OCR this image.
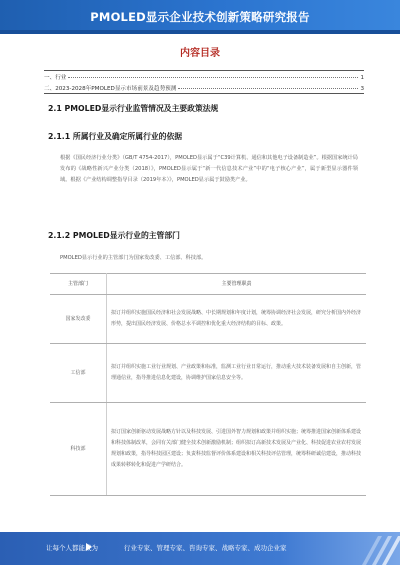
PMOLED显示企业技术创新策略研究报告
内容目录
一、行业	1
二、2023-2028年PMOLED显示市场前景及趋势预测	3
2.1 PMOLED显示行业监管情况及主要政策法规
2.1.1 所属行业及确定所属行业的依据
根据《国民经济行业分类》（GB/T 4754-2017），PMOLED显示属于“C39计算机、通信和其他电子设备制造业”。根据国家统计局发布的《战略性新兴产业分类（2018）》，PMOLED显示属于“新一代信息技术产业”中的“电子核心产业”，属于新型显示器件领域。根据《产业结构调整指导目录（2019年本）》，PMOLED显示属于鼓励类产业。
2.1.2 PMOLED显示行业的主管部门
PMOLED显示行业的主管部门为国家发改委、工信部、科技部。
主管部门	主要管理职责
国家发改委	拟订并组织实施国民经济和社会发展战略、中长期规划和年度计划，统筹协调经济社会发展，研究分析国内外经济形势，提出国民经济发展、价格总水平调控和优化重大经济结构的目标、政策。
工信部	拟订并组织实施工业行业规划、产业政策和标准，监测工业行业日常运行，推动重大技术装备发展和自主创新，管理通信业，指导推进信息化建设，协调维护国家信息安全等。
科技部	拟订国家创新驱动发展战略方针以及科技发展、引进国外智力规划和政策并组织实施；统筹推进国家创新体系建设和科技体制改革，会同有关部门健全技术创新激励机制；组织拟订高新技术发展及产业化、科技促进农业农村发展规划和政策，指导科技园区建设；负责科技监督评价体系建设和相关科技评估管理，统筹科研诚信建设，推动科技成果转移转化和促进产学研结合。
让每个人都能成为	行业专家、管理专家、咨询专家、战略专家、成功企业家
